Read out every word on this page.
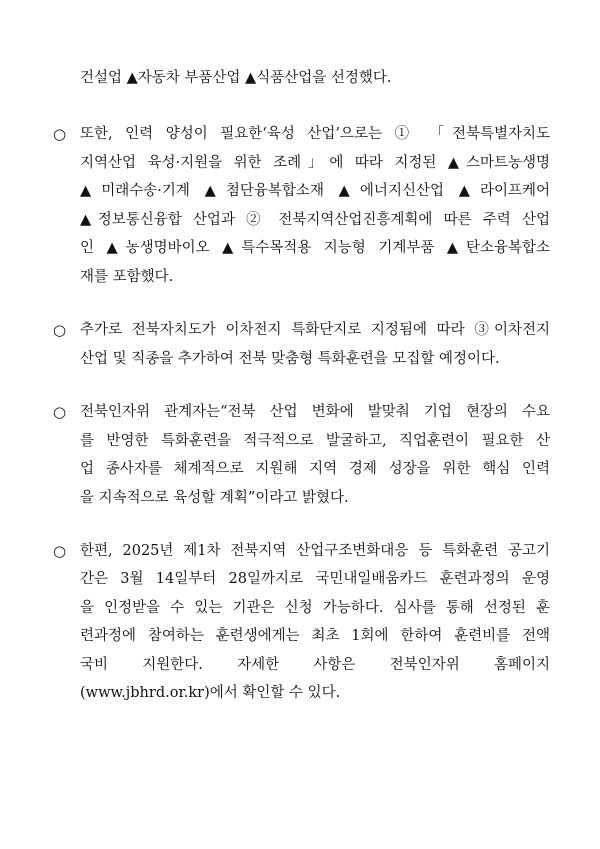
건설업 ▲자동차 부품산업 ▲식품산업을 선정했다.
○ 또한, 인력 양성이 필요한‘육성 산업’으로는 ① 「전북특별자치도
지역산업 육성·지원을 위한 조례」에 따라 지정된 ▲스마트농생명
▲미래수송·기계 ▲첨단융복합소재 ▲에너지신산업 ▲라이프케어
▲정보통신융합 산업과 ② 전북지역산업진흥계획에 따른 주력 산업
인 ▲농생명바이오 ▲특수목적용 지능형 기계부품 ▲탄소융복합소
재를 포함했다.
○ 추가로 전북자치도가 이차전지 특화단지로 지정됨에 따라 ③이차전지
산업 및 직종을 추가하여 전북 맞춤형 특화훈련을 모집할 예정이다.
○ 전북인자위 관계자는“전북 산업 변화에 발맞춰 기업 현장의 수요
를 반영한 특화훈련을 적극적으로 발굴하고, 직업훈련이 필요한 산
업 종사자를 체계적으로 지원해 지역 경제 성장을 위한 핵심 인력
을 지속적으로 육성할 계획”이라고 밝혔다.
○ 한편, 2025년 제1차 전북지역 산업구조변화대응 등 특화훈련 공고기
간은 3월 14일부터 28일까지로 국민내일배움카드 훈련과정의 운영
을 인정받을 수 있는 기관은 신청 가능하다. 심사를 통해 선정된 훈
련과정에 참여하는 훈련생에게는 최초 1회에 한하여 훈련비를 전액
국비 지원한다. 자세한 사항은 전북인자위 홈페이지
(www.jbhrd.or.kr)에서 확인할 수 있다.
